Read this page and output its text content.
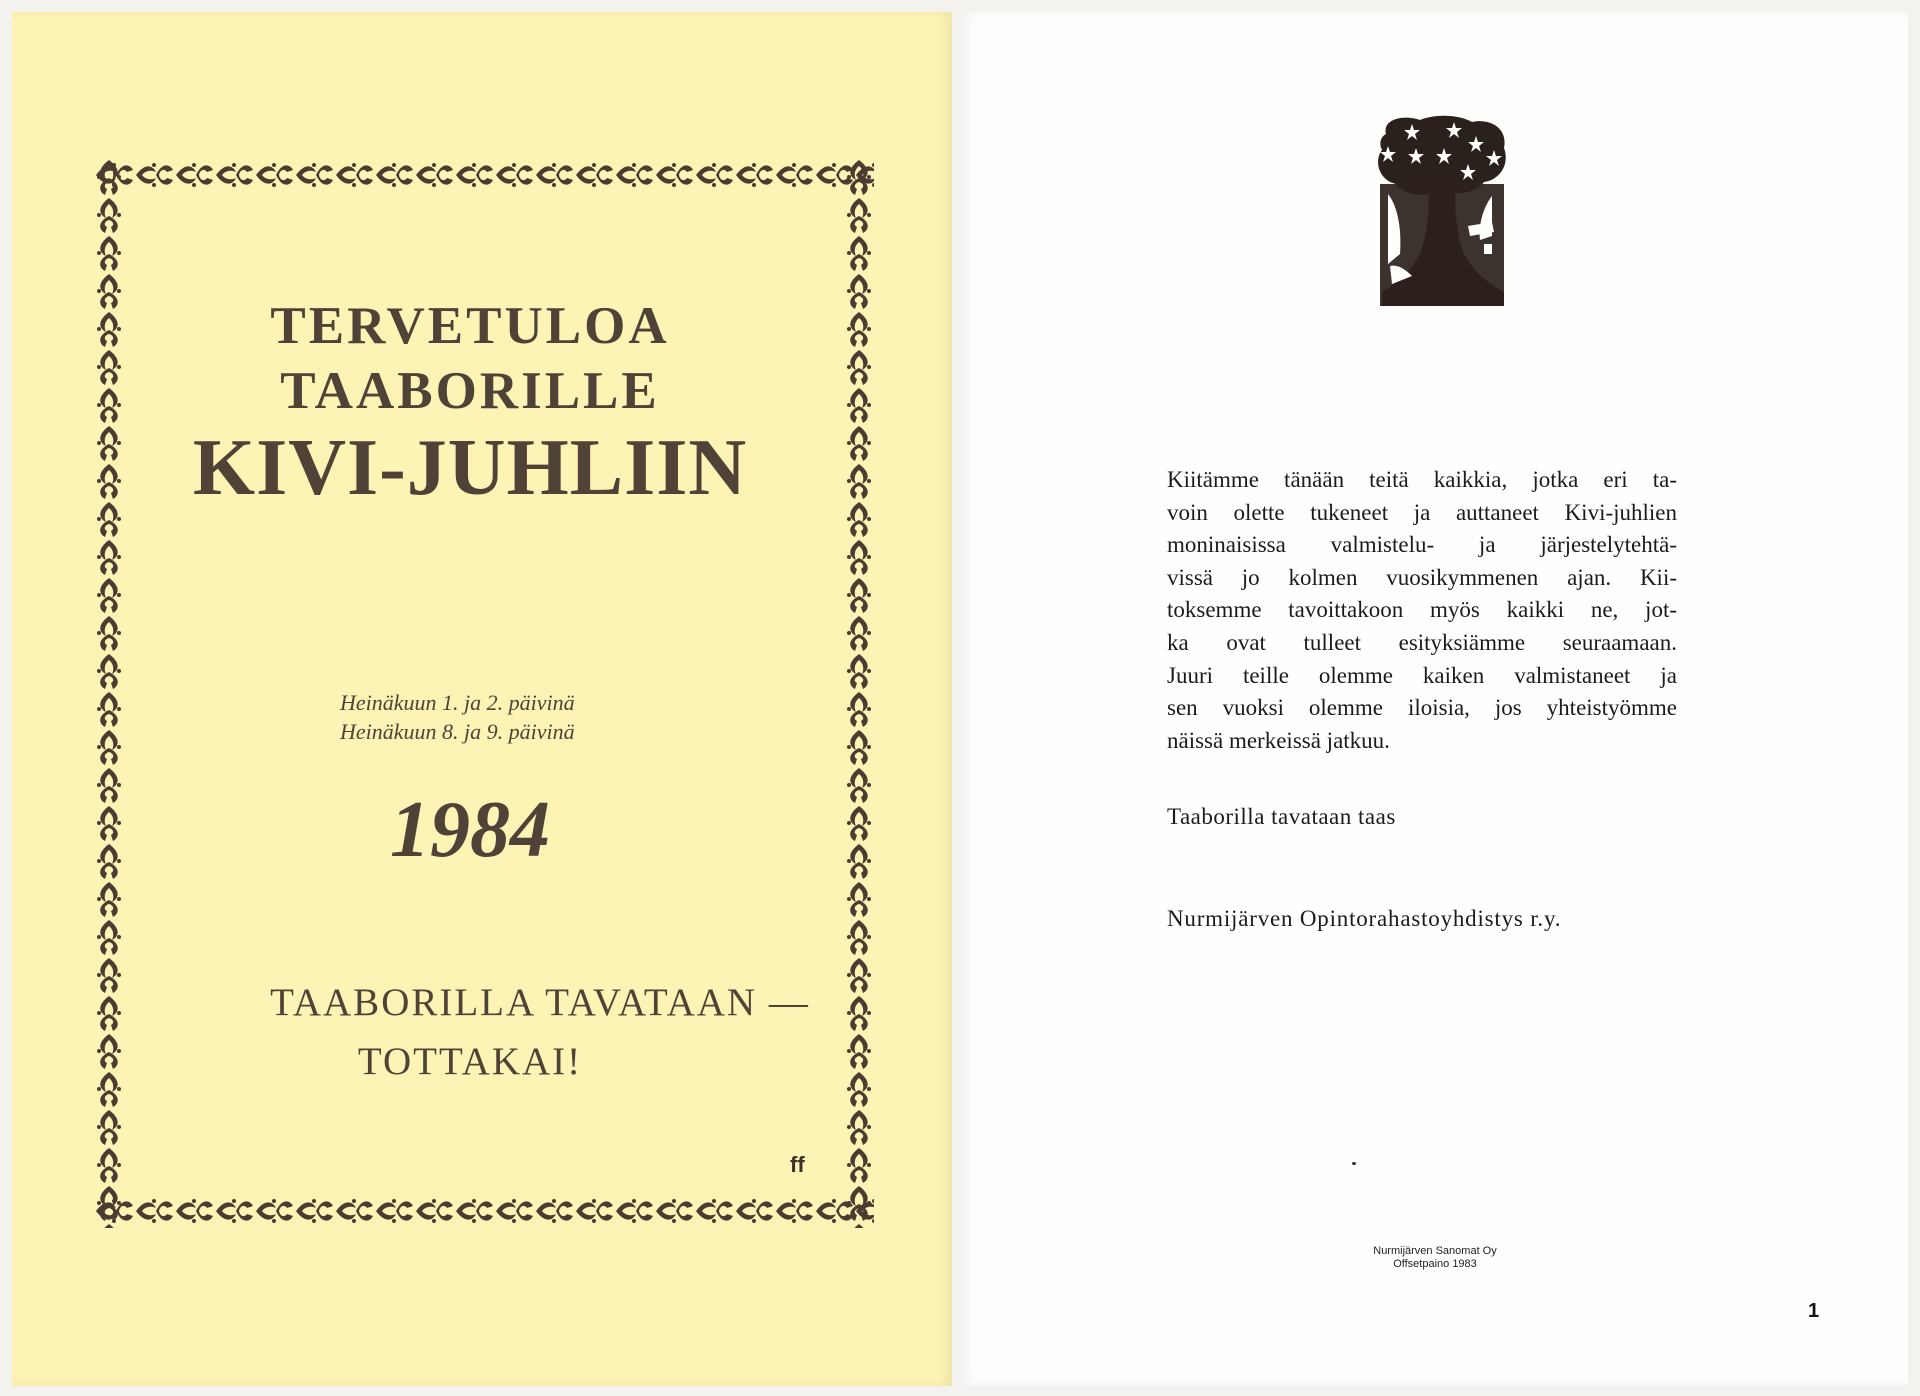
TERVETULOA
TAABORILLE
KIVI-JUHLIIN
Heinäkuun 1. ja 2. päivinä
Heinäkuun 8. ja 9. päivinä
1984
TAABORILLA TAVATAAN —
TOTTAKAI!
ff

Kiitämme tänään teitä kaikkia, jotka eri ta-
voin olette tukeneet ja auttaneet Kivi-juhlien
moninaisissa valmistelu- ja järjestelytehtä-
vissä jo kolmen vuosikymmenen ajan. Kii-
toksemme tavoittakoon myös kaikki ne, jot-
ka ovat tulleet esityksiämme seuraamaan.
Juuri teille olemme kaiken valmistaneet ja
sen vuoksi olemme iloisia, jos yhteistyömme
näissä merkeissä jatkuu.

Taaborilla tavataan taas
Nurmijärven Opintorahastoyhdistys r.y.
Nurmijärven Sanomat Oy
Offsetpaino 1983
1
